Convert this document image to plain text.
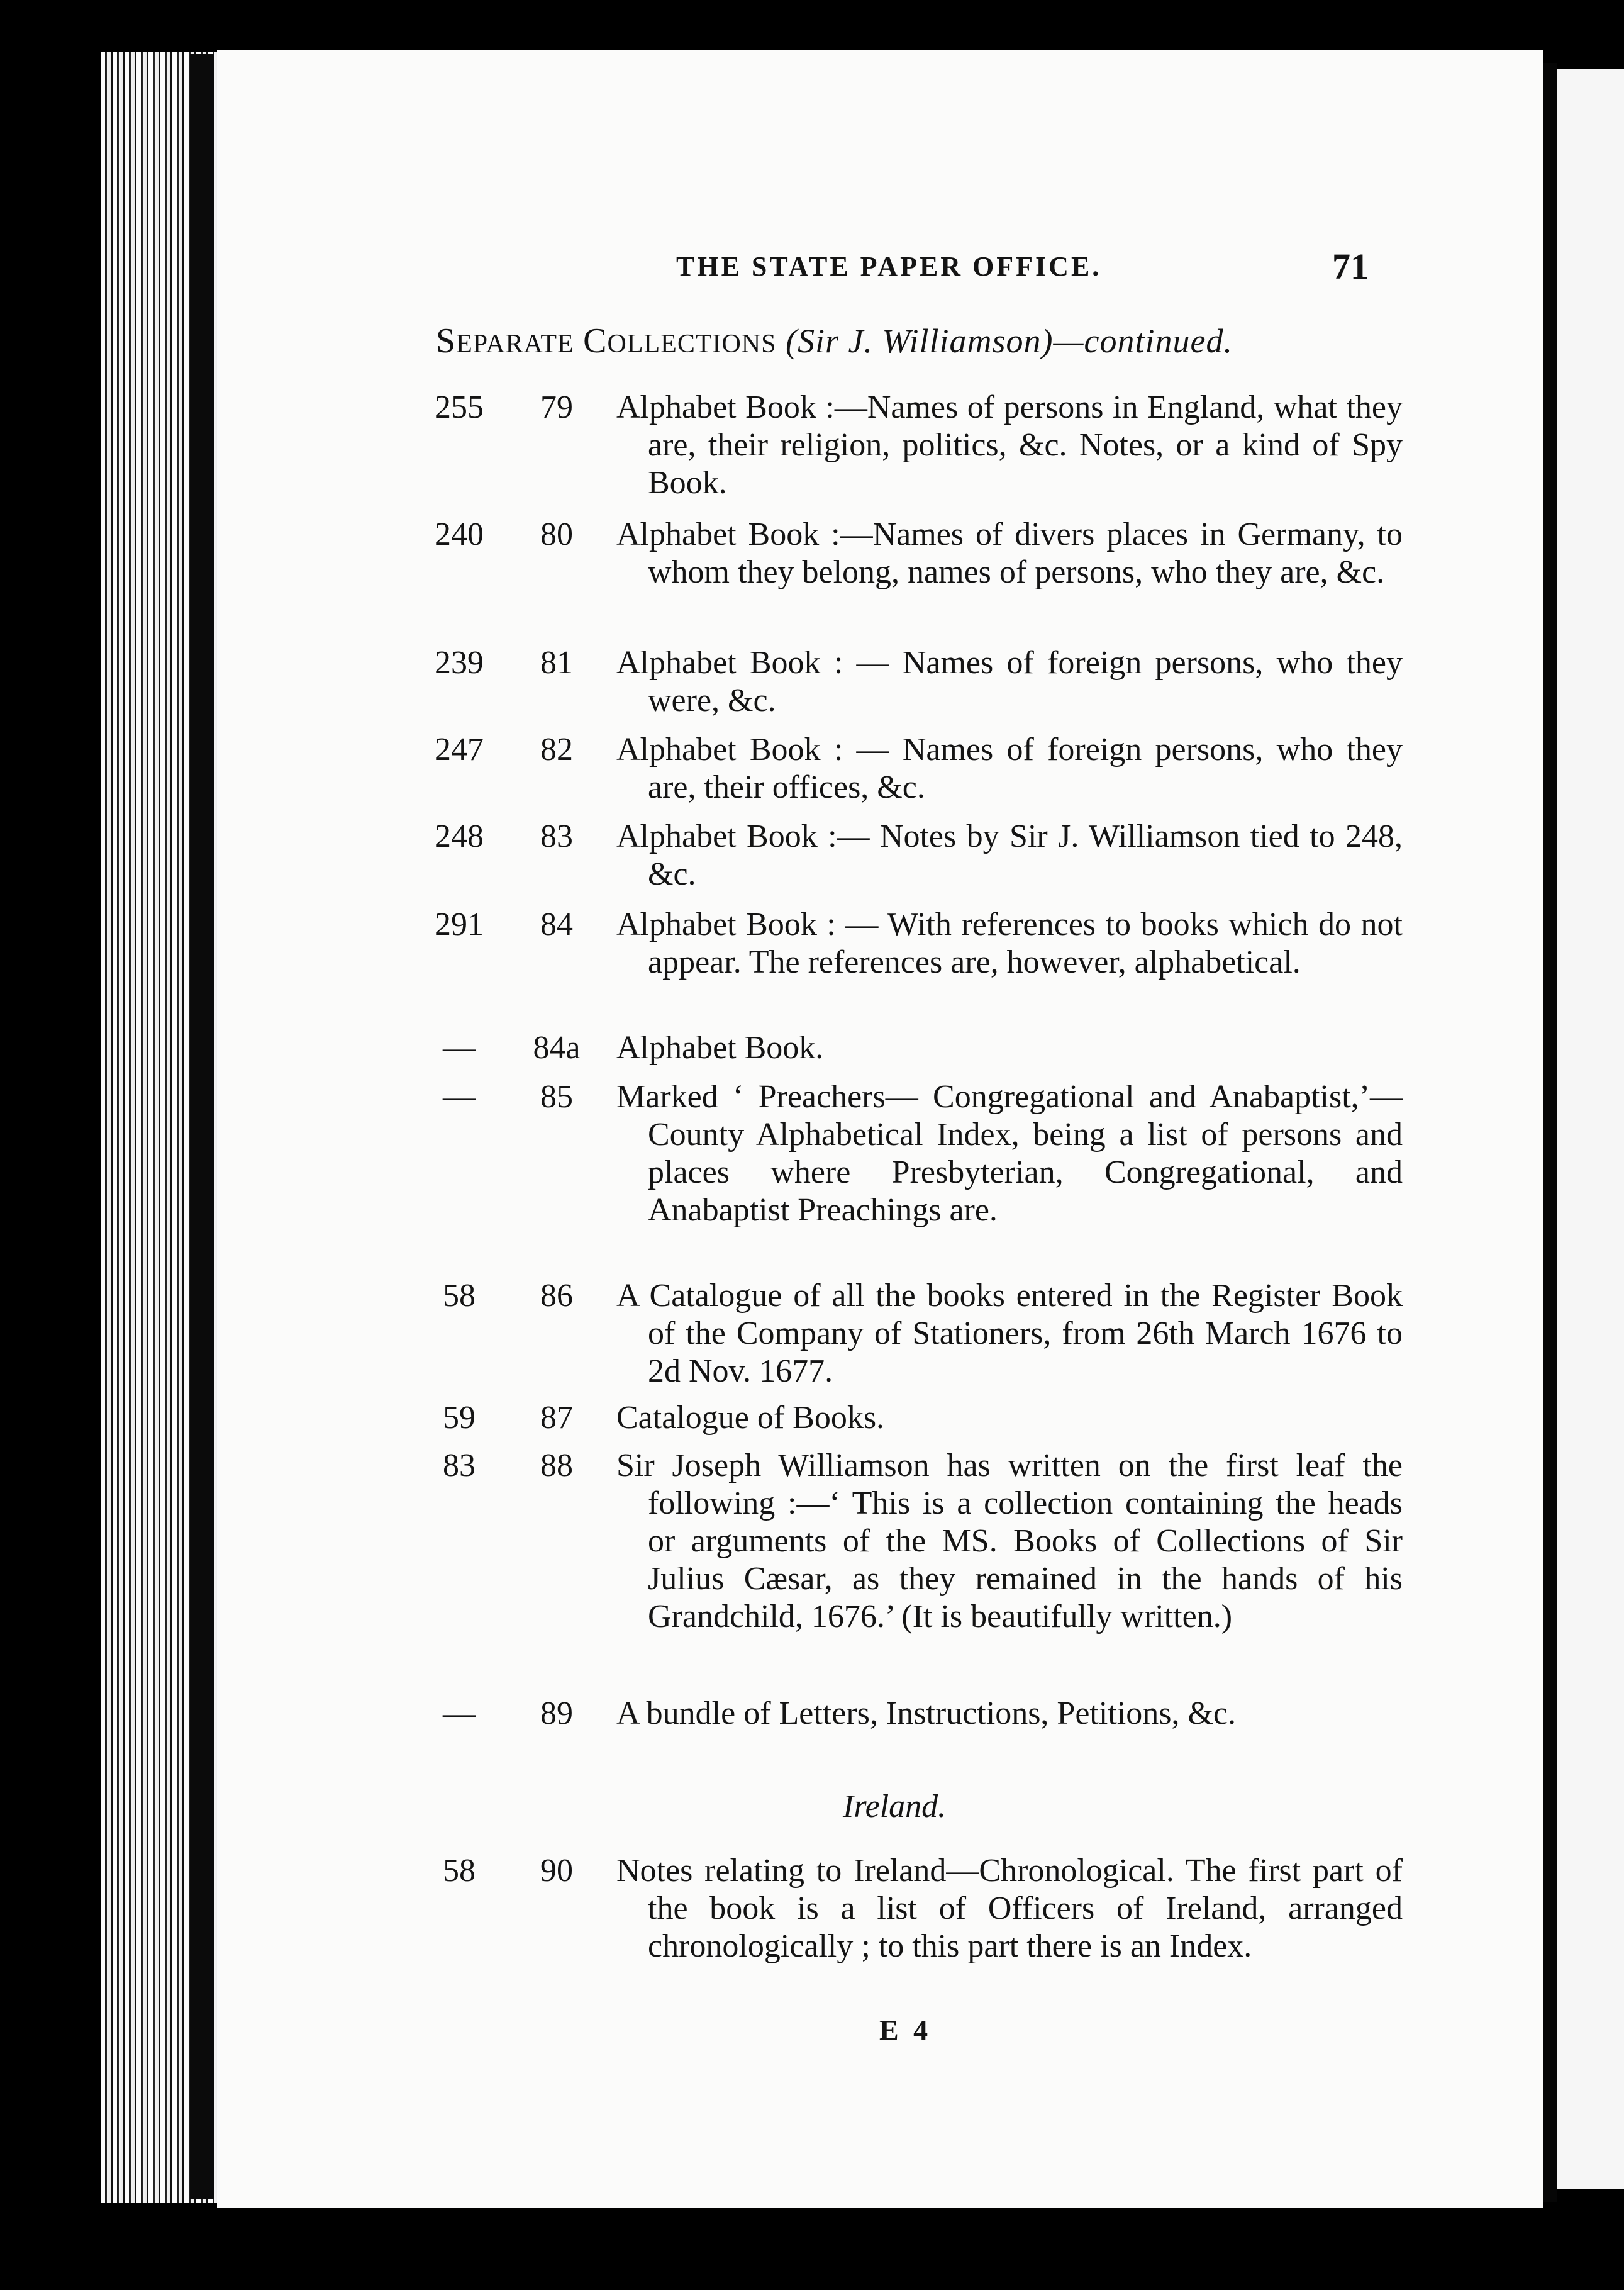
THE STATE PAPER OFFICE.	71
SEPARATE COLLECTIONS (Sir J. Williamson)—continued.
255	79	Alphabet Book :—Names of persons in England, what they are, their religion, politics, &c. Notes, or a kind of Spy Book.
240	80	Alphabet Book :—Names of divers places in Germany, to whom they belong, names of persons, who they are, &c.
239	81	Alphabet Book : — Names of foreign persons, who they were, &c.
247	82	Alphabet Book : — Names of foreign persons, who they are, their offices, &c.
248	83	Alphabet Book :— Notes by Sir J. Williamson tied to 248, &c.
291	84	Alphabet Book : — With references to books which do not appear. The references are, however, alphabetical.
—	84a	Alphabet Book.
—	85	Marked ‘ Preachers— Congregational and Anabaptist,’—County Alphabetical Index, being a list of persons and places where Presbyterian, Congregational, and Anabaptist Preachings are.
58	86	A Catalogue of all the books entered in the Register Book of the Company of Stationers, from 26th March 1676 to 2d Nov. 1677.
59	87	Catalogue of Books.
83	88	Sir Joseph Williamson has written on the first leaf the following :—‘ This is a collection containing the heads or arguments of the MS. Books of Collections of Sir Julius Cæsar, as they remained in the hands of his Grandchild, 1676.’ (It is beautifully written.)
—	89	A bundle of Letters, Instructions, Petitions, &c.
Ireland.
58	90	Notes relating to Ireland—Chronological. The first part of the book is a list of Officers of Ireland, arranged chronologically ; to this part there is an Index.
E 4
